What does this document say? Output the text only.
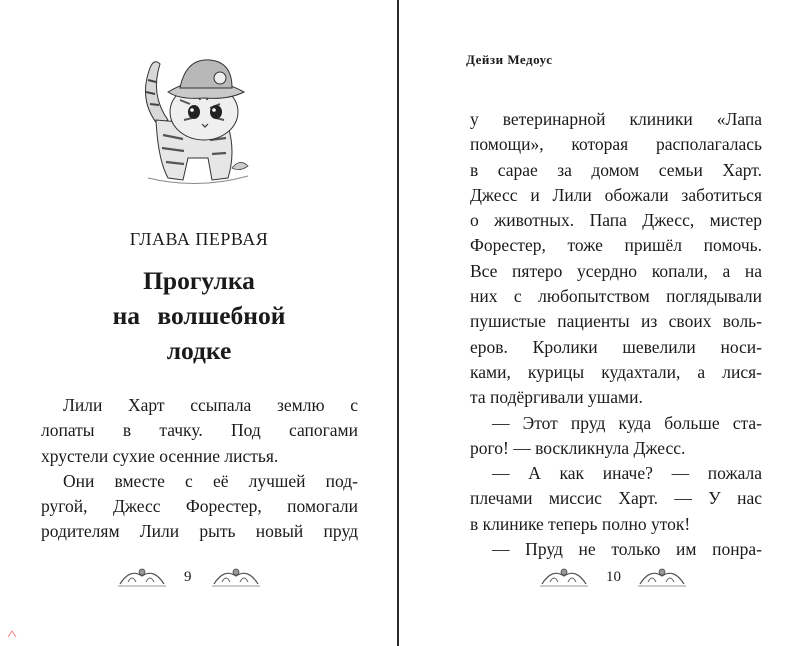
ГЛАВА ПЕРВАЯ
Прогулка
на волшебной
лодке
Лили Харт ссыпала землю с
лопаты в тачку. Под сапогами
хрустели сухие осенние листья.
Они вместе с её лучшей под-
ругой, Джесс Форестер, помогали
родителям Лили рыть новый пруд
9
Дейзи Медоус
у ветеринарной клиники «Лапа
помощи», которая располагалась
в сарае за домом семьи Харт.
Джесс и Лили обожали заботиться
о животных. Папа Джесс, мистер
Форестер, тоже пришёл помочь.
Все пятеро усердно копали, а на
них с любопытством поглядывали
пушистые пациенты из своих воль-
еров. Кролики шевелили носи-
ками, курицы кудахтали, а лися-
та подёргивали ушами.
— Этот пруд куда больше ста-
рого! — воскликнула Джесс.
— А как иначе? — пожала
плечами миссис Харт. — У нас
в клинике теперь полно уток!
— Пруд не только им понра-
10
